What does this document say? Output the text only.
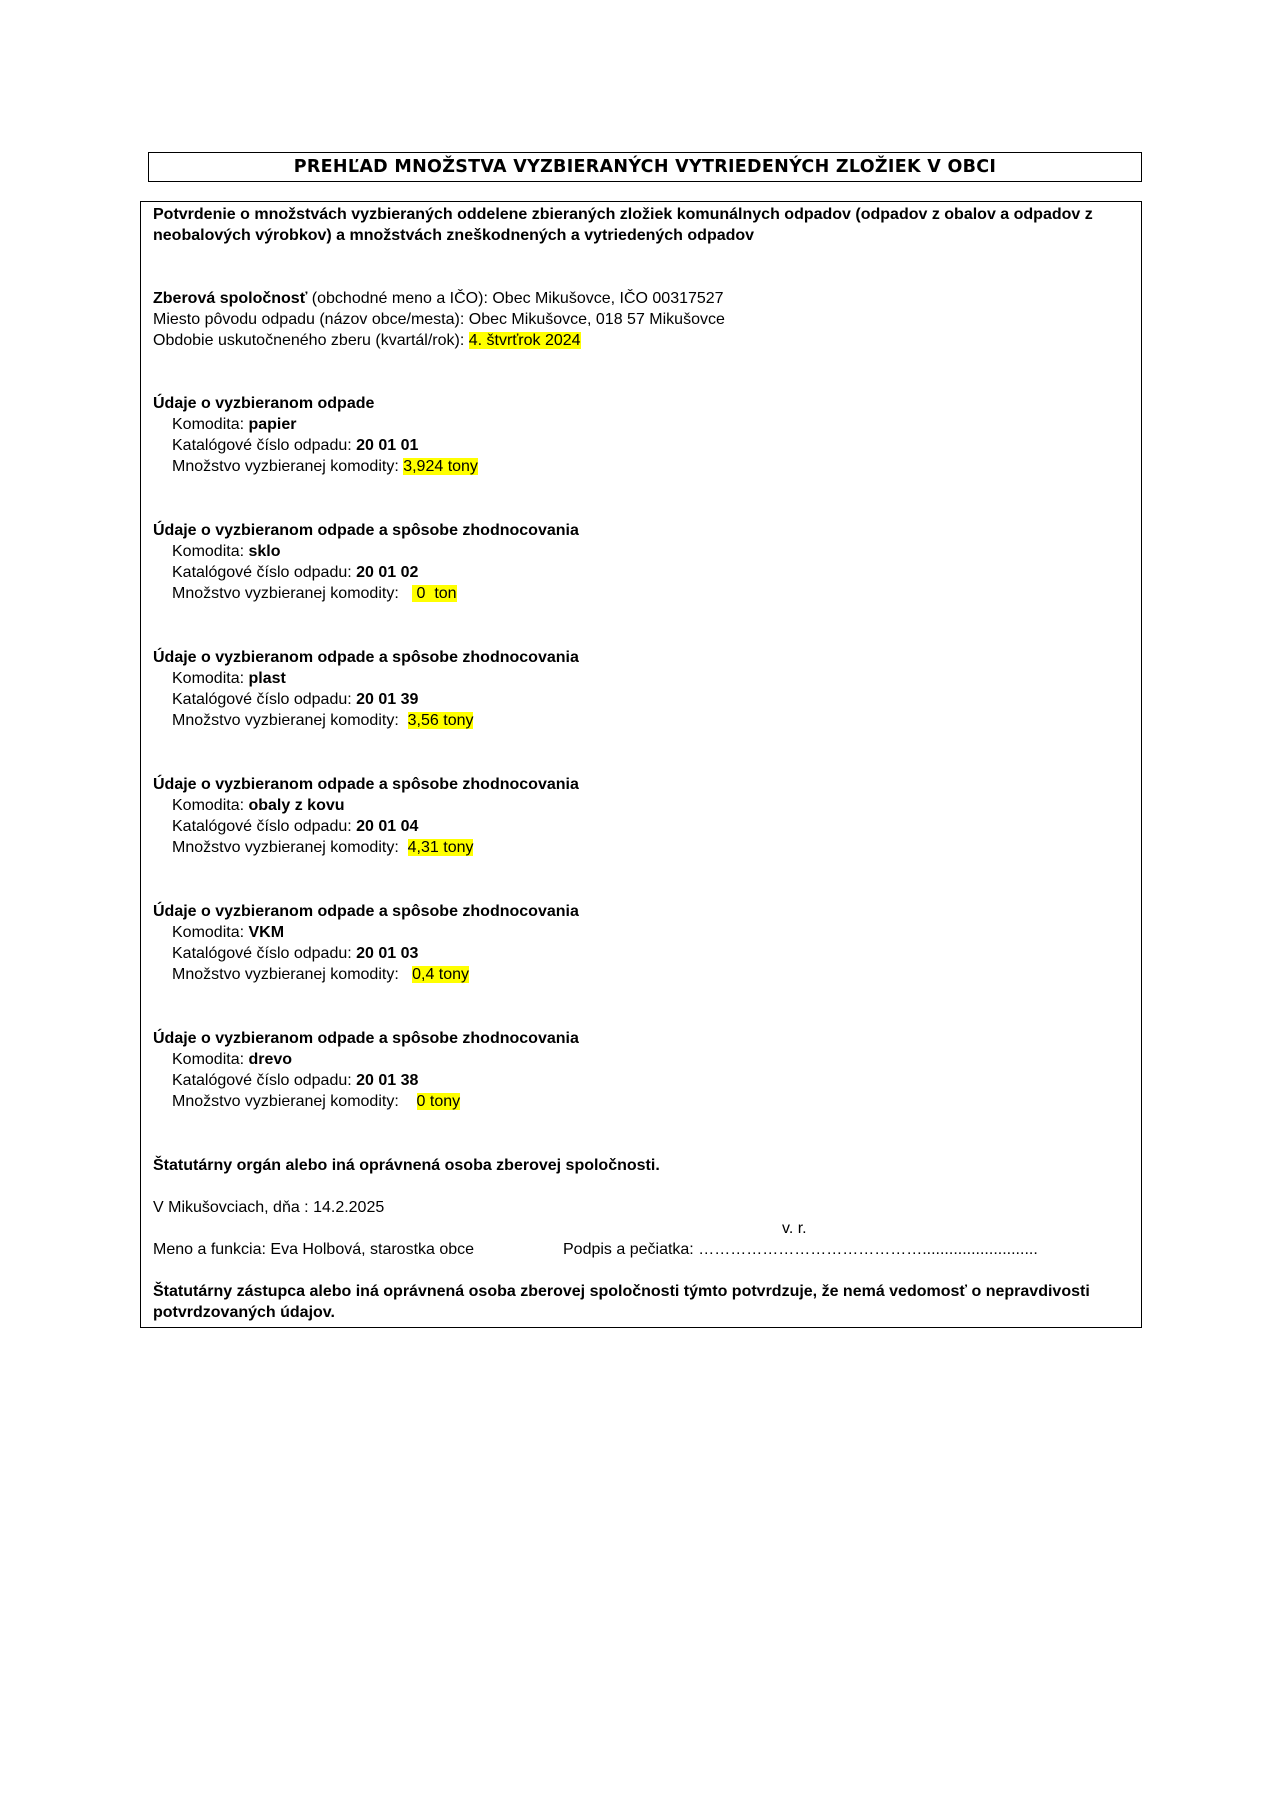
PREHĽAD MNOŽSTVA VYZBIERANÝCH VYTRIEDENÝCH ZLOŽIEK V OBCI
Potvrdenie o množstvách vyzbieraných oddelene zbieraných zložiek komunálnych odpadov (odpadov z obalov a odpadov z neobalových výrobkov) a množstvách zneškodnených a vytriedených odpadov
Zberová spoločnosť (obchodné meno a IČO): Obec Mikušovce, IČO 00317527
Miesto pôvodu odpadu (názov obce/mesta): Obec Mikušovce, 018 57 Mikušovce
Obdobie uskutočneného zberu (kvartál/rok): 4. štvrťrok 2024
Údaje o vyzbieranom odpade
Komodita: papier
Katalógové číslo odpadu: 20 01 01
Množstvo vyzbieranej komodity: 3,924 tony
Údaje o vyzbieranom odpade a spôsobe zhodnocovania
Komodita: sklo
Katalógové číslo odpadu: 20 01 02
Množstvo vyzbieranej komodity:    0  ton
Údaje o vyzbieranom odpade a spôsobe zhodnocovania
Komodita: plast
Katalógové číslo odpadu: 20 01 39
Množstvo vyzbieranej komodity:  3,56 tony
Údaje o vyzbieranom odpade a spôsobe zhodnocovania
Komodita: obaly z kovu
Katalógové číslo odpadu: 20 01 04
Množstvo vyzbieranej komodity:  4,31 tony
Údaje o vyzbieranom odpade a spôsobe zhodnocovania
Komodita: VKM
Katalógové číslo odpadu: 20 01 03
Množstvo vyzbieranej komodity:   0,4 tony
Údaje o vyzbieranom odpade a spôsobe zhodnocovania
Komodita: drevo
Katalógové číslo odpadu: 20 01 38
Množstvo vyzbieranej komodity:    0 tony
Štatutárny orgán alebo iná oprávnená osoba zberovej spoločnosti.
V Mikušovciach, dňa : 14.2.2025
v. r.
Meno a funkcia: Eva Holbová, starostka obce	Podpis a pečiatka: ……………………………………..........................
Štatutárny zástupca alebo iná oprávnená osoba zberovej spoločnosti týmto potvrdzuje, že nemá vedomosť o nepravdivosti potvrdzovaných údajov.
